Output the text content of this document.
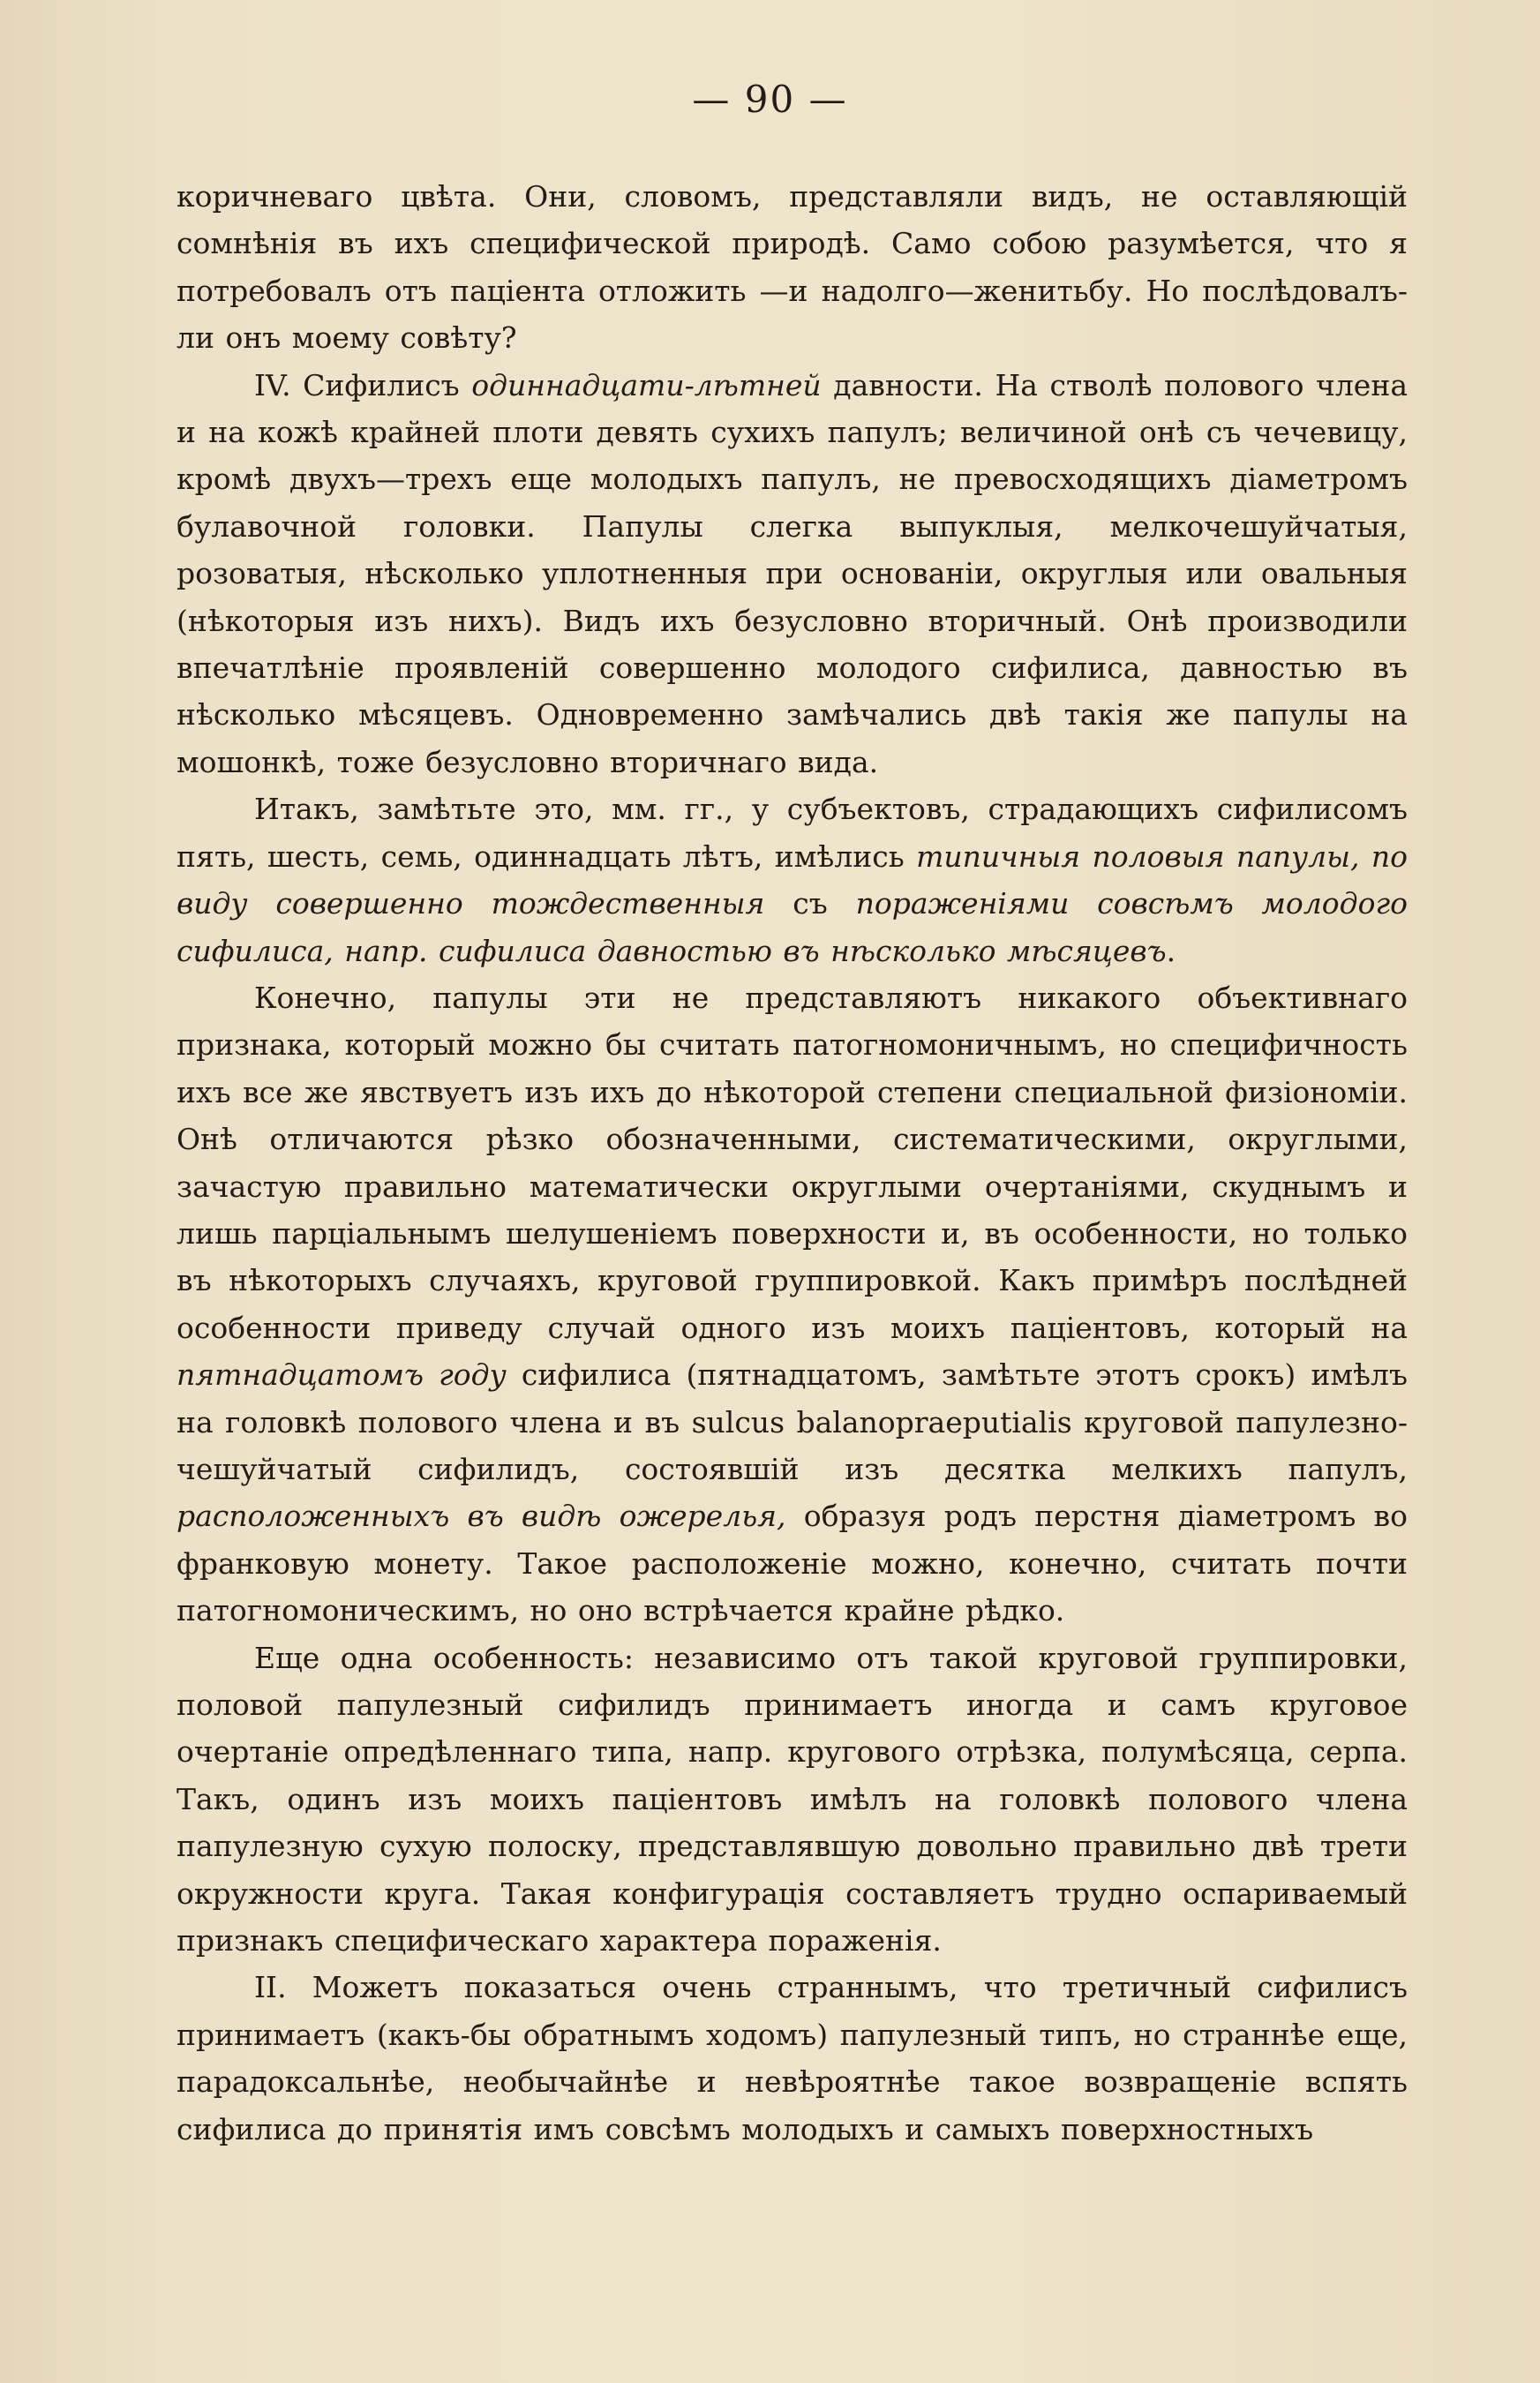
— 90 —

коричневаго цвѣта. Они, словомъ, представляли видъ, не оставляющій сомнѣнія въ ихъ специфической природѣ. Само собою разумѣется, что я потребовалъ отъ паціента отложить —и надолго—женитьбу. Но послѣдовалъ-ли онъ моему совѣту?

IV. Сифилисъ одиннадцати-лѣтней давности. На стволѣ полового члена и на кожѣ крайней плоти девять сухихъ папулъ; величиной онѣ съ чечевицу, кромѣ двухъ—трехъ еще молодыхъ папулъ, не превосходящихъ діаметромъ булавочной головки. Папулы слегка выпуклыя, мелкочешуйчатыя, розоватыя, нѣсколько уплотненныя при основаніи, округлыя или овальныя (нѣкоторыя изъ нихъ). Видъ ихъ безусловно вторичный. Онѣ производили впечатлѣніе проявленій совершенно молодого сифилиса, давностью въ нѣсколько мѣсяцевъ. Одновременно замѣчались двѣ такія же папулы на мошонкѣ, тоже безусловно вторичнаго вида.

Итакъ, замѣтьте это, мм. гг., у субъектовъ, страдающихъ сифилисомъ пять, шесть, семь, одиннадцать лѣтъ, имѣлись типичныя половыя папулы, по виду совершенно тождественныя съ пораженіями совсѣмъ молодого сифилиса, напр. сифилиса давностью въ нѣсколько мѣсяцевъ.

Конечно, папулы эти не представляютъ никакого объективнаго признака, который можно бы считать патогномоничнымъ, но специфичность ихъ все же явствуетъ изъ ихъ до нѣкоторой степени специальной физіономіи. Онѣ отличаются рѣзко обозначенными, систематическими, округлыми, зачастую правильно математически округлыми очертаніями, скуднымъ и лишь парціальнымъ шелушеніемъ поверхности и, въ особенности, но только въ нѣкоторыхъ случаяхъ, круговой группировкой. Какъ примѣръ послѣдней особенности приведу случай одного изъ моихъ паціентовъ, который на пятнадцатомъ году сифилиса (пятнадцатомъ, замѣтьте этотъ срокъ) имѣлъ на головкѣ полового члена и въ sulcus balanopraeputialis круговой папулезно-чешуйчатый сифилидъ, состоявшій изъ десятка мелкихъ папулъ, расположенныхъ въ видѣ ожерелья, образуя родъ перстня діаметромъ во франковую монету. Такое расположеніе можно, конечно, считать почти патогномоническимъ, но оно встрѣчается крайне рѣдко.

Еще одна особенность: независимо отъ такой круговой группировки, половой папулезный сифилидъ принимаетъ иногда и самъ круговое очертаніе опредѣленнаго типа, напр. кругового отрѣзка, полумѣсяца, серпа. Такъ, одинъ изъ моихъ паціентовъ имѣлъ на головкѣ полового члена папулезную сухую полоску, представлявшую довольно правильно двѣ трети окружности круга. Такая конфигурація составляетъ трудно оспариваемый признакъ специфическаго характера пораженія.

II. Можетъ показаться очень страннымъ, что третичный сифилисъ принимаетъ (какъ-бы обратнымъ ходомъ) папулезный типъ, но страннѣе еще, парадоксальнѣе, необычайнѣе и невѣроятнѣе такое возвращеніе вспять сифилиса до принятія имъ совсѣмъ молодыхъ и самыхъ поверхностныхъ
